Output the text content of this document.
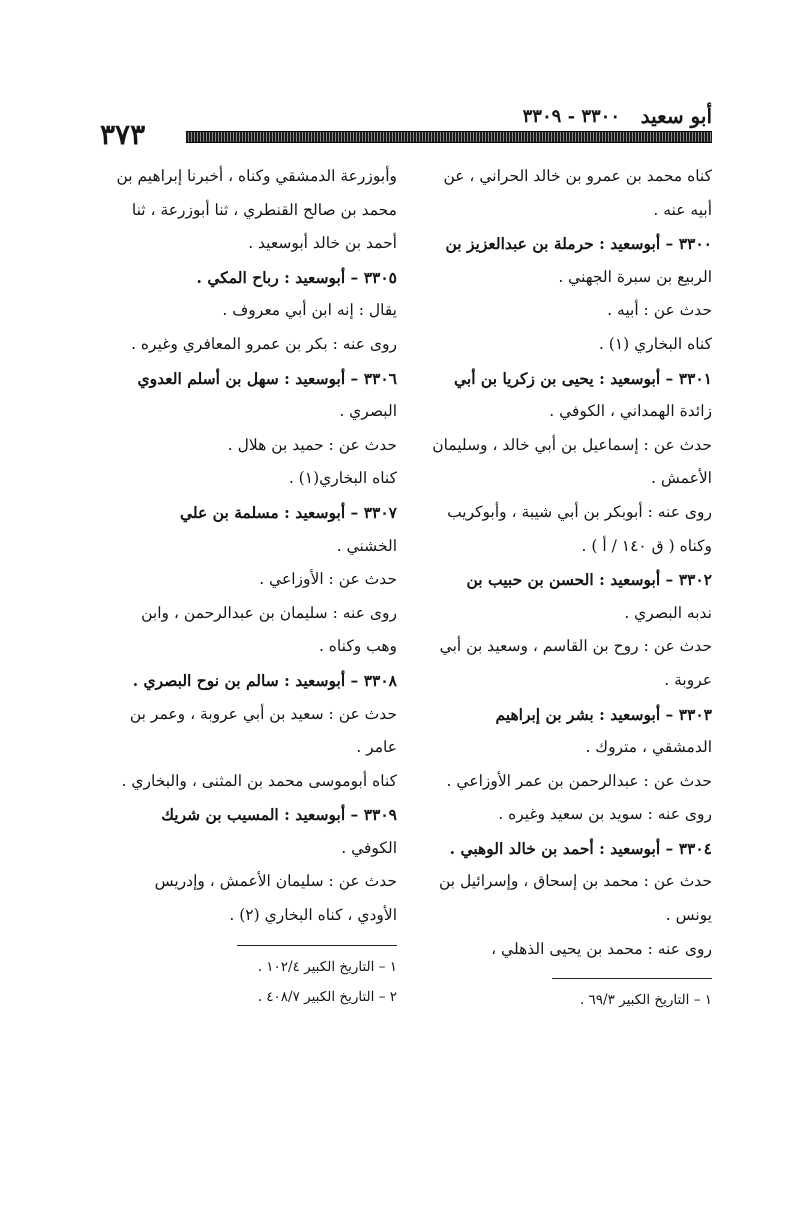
أبو سعيد
٣٣٠٠ - ٣٣٠٩
٣٧٣

كناه محمد بن عمرو بن خالد الحراني ، عن

أبيه عنه .

٣٣٠٠ – أبوسعيد : حرملة بن عبدالعزيز بن

الربيع بن سبرة الجهني .

حدث عن : أبيه .

كناه البخاري (١) .

٣٣٠١ – أبوسعيد : يحيى بن زكريا بن أبي

زائدة الهمداني ، الكوفي .

حدث عن : إسماعيل بن أبي خالد ، وسليمان

الأعمش .

روى عنه : أبوبكر بن أبي شيبة ، وأبوكريب

وكناه ( ق ١٤٠ / أ ) .

٣٣٠٢ – أبوسعيد : الحسن بن حبيب بن

ندبه البصري .

حدث عن : روح بن القاسم ، وسعيد بن أبي

عروبة .

٣٣٠٣ – أبوسعيد : بشر بن إبراهيم

الدمشقي ، متروك .

حدث عن : عبدالرحمن بن عمر الأوزاعي .

روى عنه : سويد بن سعيد وغيره .

٣٣٠٤ – أبوسعيد : أحمد بن خالد الوهبي .

حدث عن : محمد بن إسحاق ، وإسرائيل بن

يونس .

روى عنه : محمد بن يحيى الذهلي ،

١ – التاريخ الكبير ٦٩/٣ .

وأبوزرعة الدمشقي وكناه ، أخبرنا إبراهيم بن

محمد بن صالح القنطري ، ثنا أبوزرعة ، ثنا

أحمد بن خالد أبوسعيد .

٣٣٠٥ – أبوسعيد : رباح المكي .

يقال : إنه ابن أبي معروف .

روى عنه : بكر بن عمرو المعافري وغيره .

٣٣٠٦ – أبوسعيد : سهل بن أسلم العدوي

البصري .

حدث عن : حميد بن هلال .

كناه البخاري(١) .

٣٣٠٧ – أبوسعيد : مسلمة بن علي

الخشني .

حدث عن : الأوزاعي .

روى عنه : سليمان بن عبدالرحمن ، وابن

وهب وكناه .

٣٣٠٨ – أبوسعيد : سالم بن نوح البصري .

حدث عن : سعيد بن أبي عروبة ، وعمر بن

عامر .

كناه أبوموسى محمد بن المثنى ، والبخاري .

٣٣٠٩ – أبوسعيد : المسيب بن شريك

الكوفي .

حدث عن : سليمان الأعمش ، وإدريس

الأودي ، كناه البخاري (٢) .

١ – التاريخ الكبير ١٠٢/٤ .

٢ – التاريخ الكبير ٤٠٨/٧ .
